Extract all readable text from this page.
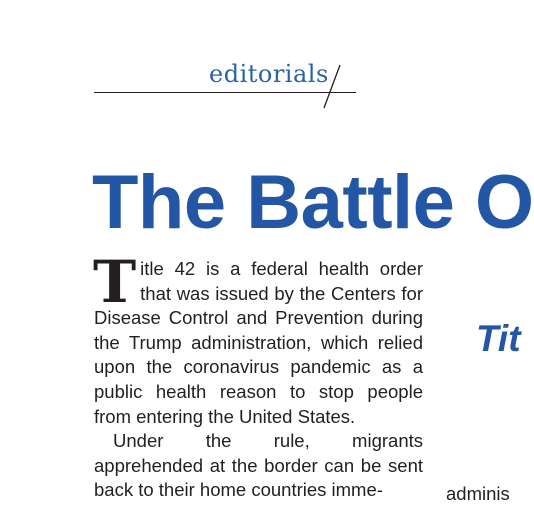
editorials
The Battle O

Title 42 is a federal health order that was issued by the Centers for Disease Control and Prevention during the Trump administration, which relied upon the coronavirus pandemic as a public health reason to stop people from entering the United States.

Under the rule, migrants apprehended at the border can be sent back to their home countries imme-

Tit
adminis
